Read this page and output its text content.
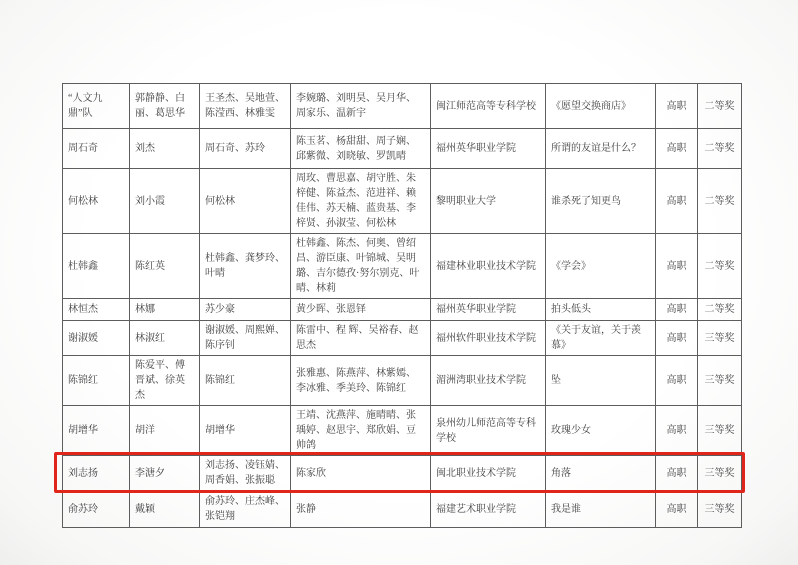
“人文九鼎”队	郭静静、白丽、葛思华	王圣杰、吴地萱、陈滢西、林雅雯	李婉璐、刘明昊、吴月华、周家乐、温新宇	闽江师范高等专科学校	《愿望交换商店》	高职	二等奖
周石奇	刘杰	周石奇、苏玲	陈玉茗、杨甜甜、周子娴、邱紫微、刘晓敏、罗凯晴	福州英华职业学院	所谓的友谊是什么？	高职	二等奖
何松林	刘小霞	何松林	周玫、曹思嘉、胡守胜、朱梓健、陈益杰、范进祥、赖佳伟、苏天楠、蓝贵基、李梓贤、孙淑莹、何松林	黎明职业大学	谁杀死了知更鸟	高职	二等奖
杜韩鑫	陈红英	杜韩鑫、龚梦玲、叶晴	杜韩鑫、陈杰、何奥、曾绍昌、游臣康、叶锦城、吴明璐、吉尔德孜·努尔别克、叶晴、林莉	福建林业职业技术学院	《学会》	高职	二等奖
林恒杰	林娜	苏少豪	黄少晖、张恩铎	福州英华职业学院	拍头低头	高职	二等奖
谢淑媛	林淑红	谢淑媛、周熙婵、陈序钊	陈雷中、程 辉、吴裕春、赵思杰	福州软件职业技术学院	《关于友谊，关于羡慕》	高职	三等奖
陈锦红	陈爱平、傅晋斌、徐英杰	陈锦红	张雅惠、陈燕萍、林紫嫣、李冰雅、季美玲、陈锦红	湄洲湾职业技术学院	坠	高职	三等奖
胡增华	胡洋	胡增华	王靖、沈燕萍、施晴晴、张瑀婷、赵思宇、郑欣娟、豆帅鸽	泉州幼儿师范高等专科学校	玫瑰少女	高职	三等奖
刘志扬	李溏夕	刘志扬、凌钰婧、周香娟、张振聪	陈家欣	闽北职业技术学院	角落	高职	三等奖
俞苏玲	戴颖	俞苏玲、庄杰峰、张铠翔	张静	福建艺术职业学院	我是谁	高职	三等奖
